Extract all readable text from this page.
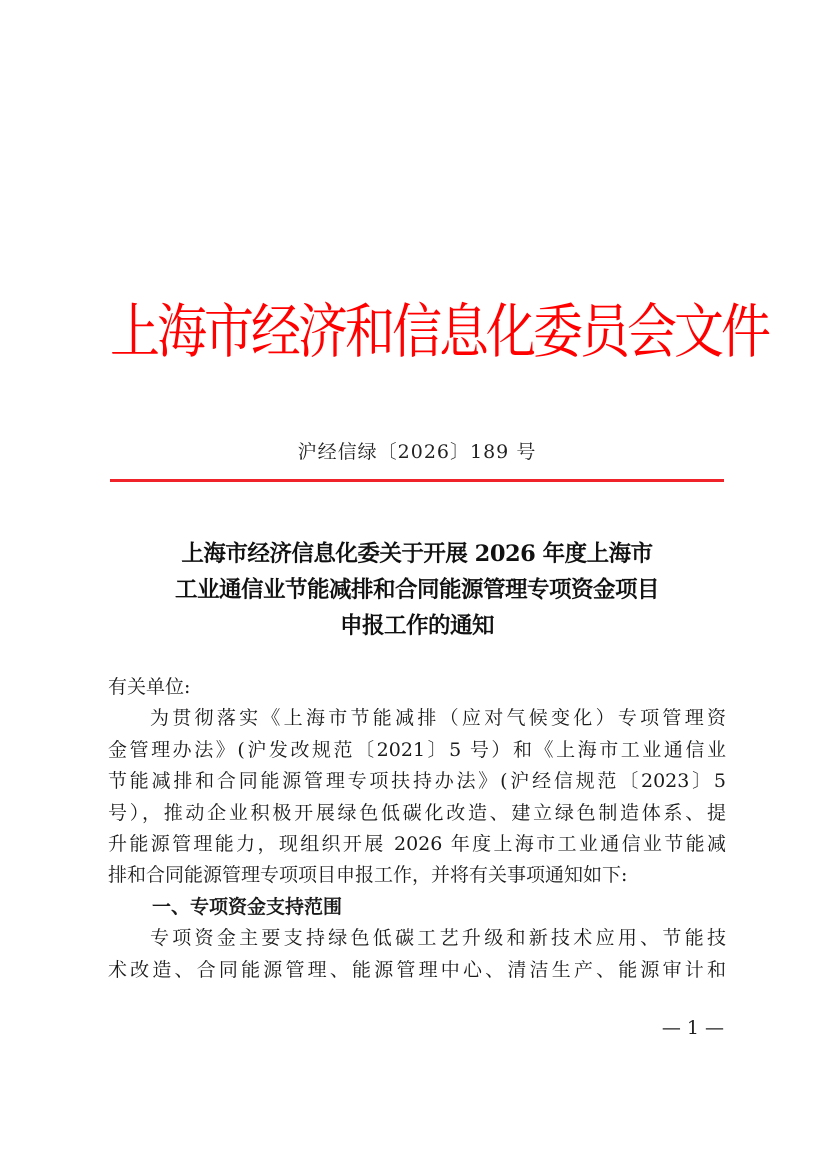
上海市经济和信息化委员会文件
沪经信绿〔2026〕189 号
上海市经济信息化委关于开展 2026 年度上海市
工业通信业节能减排和合同能源管理专项资金项目
申报工作的通知
有关单位:
为贯彻落实《上海市节能减排（应对气候变化）专项管理资
金管理办法》(沪发改规范〔2021〕5 号）和《上海市工业通信业
节能减排和合同能源管理专项扶持办法》(沪经信规范〔2023〕5
号），推动企业积极开展绿色低碳化改造、建立绿色制造体系、提
升能源管理能力，现组织开展 2026 年度上海市工业通信业节能减
排和合同能源管理专项项目申报工作，并将有关事项通知如下:
一、专项资金支持范围
专项资金主要支持绿色低碳工艺升级和新技术应用、节能技
术改造、合同能源管理、能源管理中心、清洁生产、能源审计和
— 1 —
